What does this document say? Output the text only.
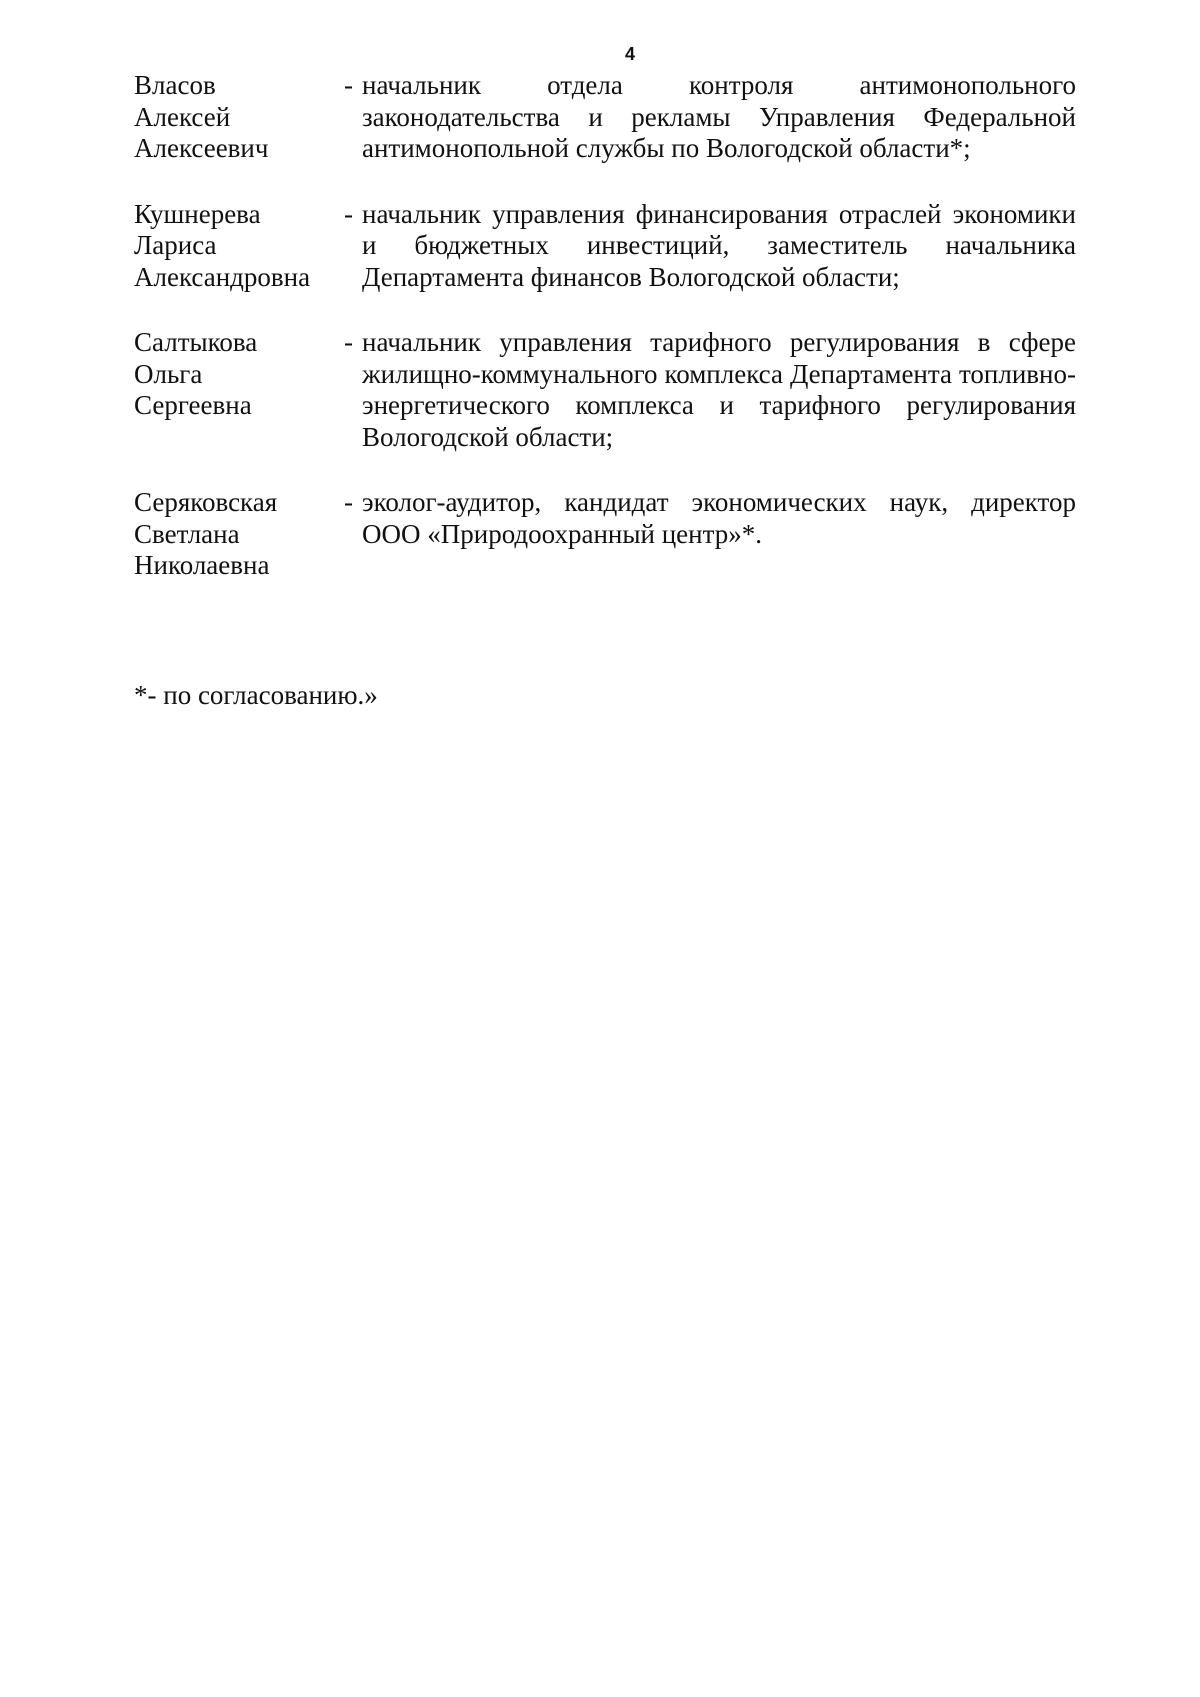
4
Власов
Алексей
Алексеевич
- начальник отдела контроля антимонопольного законодательства и рекламы Управления Федеральной антимонопольной службы по Вологодской области*;
Кушнерева
Лариса
Александровна
- начальник управления финансирования отраслей экономики и бюджетных инвестиций, заместитель начальника Департамента финансов Вологодской области;
Салтыкова
Ольга
Сергеевна
- начальник управления тарифного регулирования в сфере жилищно-коммунального комплекса Департамента топливно-энергетического комплекса и тарифного регулирования Вологодской области;
Серяковская
Светлана
Николаевна
- эколог-аудитор, кандидат экономических наук, директор ООО «Природоохранный центр»*.
*- по согласованию.»
